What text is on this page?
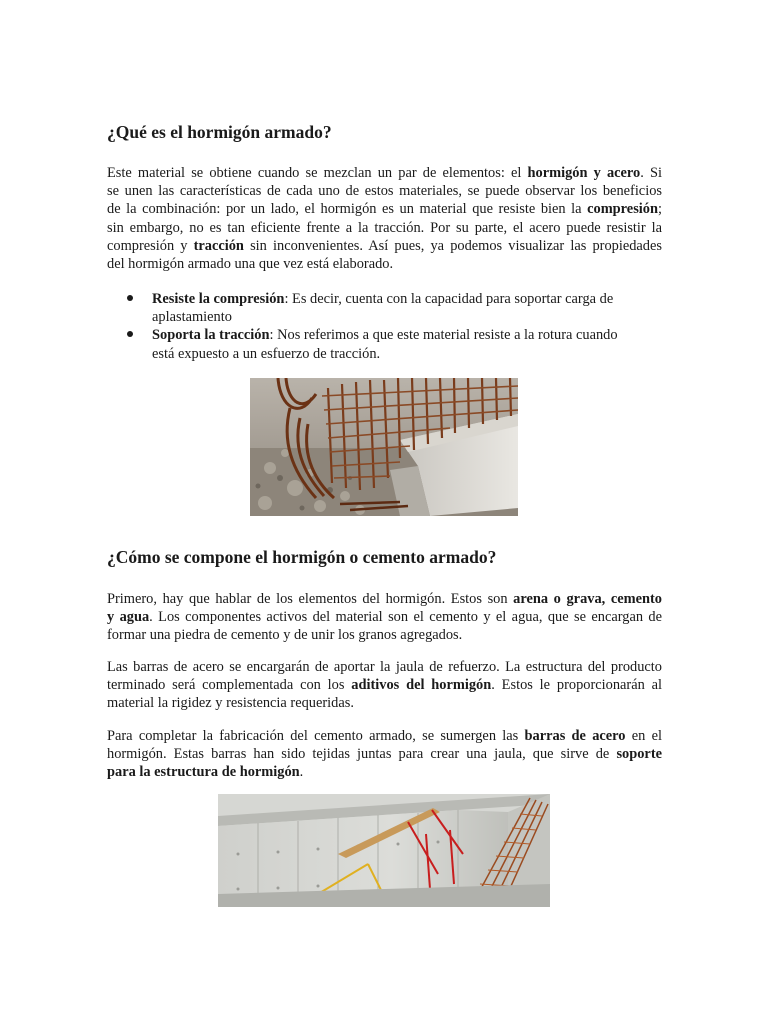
¿Qué es el hormigón armado?
Este material se obtiene cuando se mezclan un par de elementos: el hormigón y acero. Si
se unen las características de cada uno de estos materiales, se puede observar los beneficios
de la combinación: por un lado, el hormigón es un material que resiste bien la compresión;
sin embargo, no es tan eficiente frente a la tracción. Por su parte, el acero puede resistir la
compresión y tracción sin inconvenientes. Así pues, ya podemos visualizar las propiedades
del hormigón armado una que vez está elaborado.
Resiste la compresión: Es decir, cuenta con la capacidad para soportar carga de
aplastamiento
Soporta la tracción: Nos referimos a que este material resiste a la rotura cuando
está expuesto a un esfuerzo de tracción.
¿Cómo se compone el hormigón o cemento armado?
Primero, hay que hablar de los elementos del hormigón. Estos son arena o grava, cemento
y agua. Los componentes activos del material son el cemento y el agua, que se encargan de
formar una piedra de cemento y de unir los granos agregados.
Las barras de acero se encargarán de aportar la jaula de refuerzo. La estructura del producto
terminado será complementada con los aditivos del hormigón. Estos le proporcionarán al
material la rigidez y resistencia requeridas.
Para completar la fabricación del cemento armado, se sumergen las barras de acero en el
hormigón. Estas barras han sido tejidas juntas para crear una jaula, que sirve de soporte
para la estructura de hormigón.
